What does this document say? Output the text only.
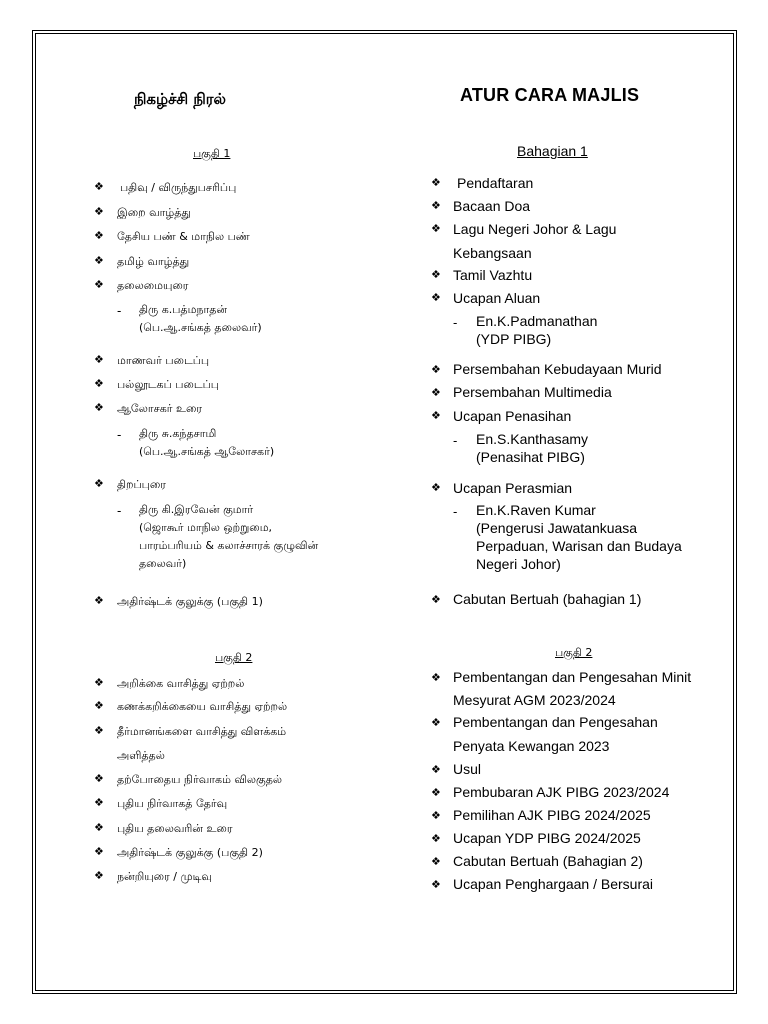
நிகழ்ச்சி நிரல்
பகுதி 1
❖ பதிவு / விருந்துபசரிப்பு
❖ இறை வாழ்த்து
❖ தேசிய பண் & மாநில பண்
❖ தமிழ் வாழ்த்து
❖ தலைமையுரை
- திரு க.பத்மநாதன்
(பெ.ஆ.சங்கத் தலைவர்)
❖ மாணவர் படைப்பு
❖ பல்லூடகப் படைப்பு
❖ ஆலோசகர் உரை
- திரு சு.கந்தசாமி
(பெ.ஆ.சங்கத் ஆலோசகர்)
❖ திறப்புரை
- திரு கி.இரவேன் குமார்
(ஜொகூர் மாநில ஒற்றுமை,
பாரம்பரியம் & கலாச்சாரக் குழுவின்
தலைவர்)
❖ அதிர்ஷ்டக் குலுக்கு (பகுதி 1)
பகுதி 2
❖ அறிக்கை வாசித்து ஏற்றல்
❖ கணக்கறிக்கையை வாசித்து ஏற்றல்
❖ தீர்மானங்களை வாசித்து விளக்கம்
அளித்தல்
❖ தற்போதைய நிர்வாகம் விலகுதல்
❖ புதிய நிர்வாகத் தேர்வு
❖ புதிய தலைவரின் உரை
❖ அதிர்ஷ்டக் குலுக்கு (பகுதி 2)
❖ நன்றியுரை / முடிவு
ATUR CARA MAJLIS
Bahagian 1
❖ Pendaftaran
❖ Bacaan Doa
❖ Lagu Negeri Johor & Lagu
Kebangsaan
❖ Tamil Vazhtu
❖ Ucapan Aluan
- En.K.Padmanathan
(YDP PIBG)
❖ Persembahan Kebudayaan Murid
❖ Persembahan Multimedia
❖ Ucapan Penasihan
- En.S.Kanthasamy
(Penasihat PIBG)
❖ Ucapan Perasmian
- En.K.Raven Kumar
(Pengerusi Jawatankuasa
Perpaduan, Warisan dan Budaya
Negeri Johor)
❖ Cabutan Bertuah (bahagian 1)
பகுதி 2
❖ Pembentangan dan Pengesahan Minit
Mesyurat AGM 2023/2024
❖ Pembentangan dan Pengesahan
Penyata Kewangan 2023
❖ Usul
❖ Pembubaran AJK PIBG 2023/2024
❖ Pemilihan AJK PIBG 2024/2025
❖ Ucapan YDP PIBG 2024/2025
❖ Cabutan Bertuah (Bahagian 2)
❖ Ucapan Penghargaan / Bersurai
